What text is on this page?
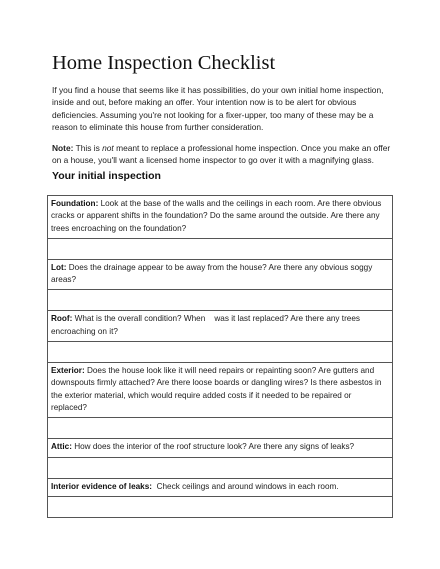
Home Inspection Checklist

If you find a house that seems like it has possibilities, do your own initial home inspection, inside and out, before making an offer. Your intention now is to be alert for obvious deficiencies. Assuming you're not looking for a fixer-upper, too many of these may be a reason to eliminate this house from further consideration.

Note: This is not meant to replace a professional home inspection. Once you make an offer on a house, you'll want a licensed home inspector to go over it with a magnifying glass.

Your initial inspection
Foundation: Look at the base of the walls and the ceilings in each room. Are there obvious cracks or apparent shifts in the foundation? Do the same around the outside. Are there any trees encroaching on the foundation?

Lot: Does the drainage appear to be away from the house? Are there any obvious soggy areas?

Roof: What is the overall condition? When    was it last replaced? Are there any trees encroaching on it?

Exterior: Does the house look like it will need repairs or repainting soon? Are gutters and downspouts firmly attached? Are there loose boards or dangling wires? Is there asbestos in the exterior material, which would require added costs if it needed to be repaired or replaced?

Attic: How does the interior of the roof structure look? Are there any signs of leaks?

Interior evidence of leaks:  Check ceilings and around windows in each room.
